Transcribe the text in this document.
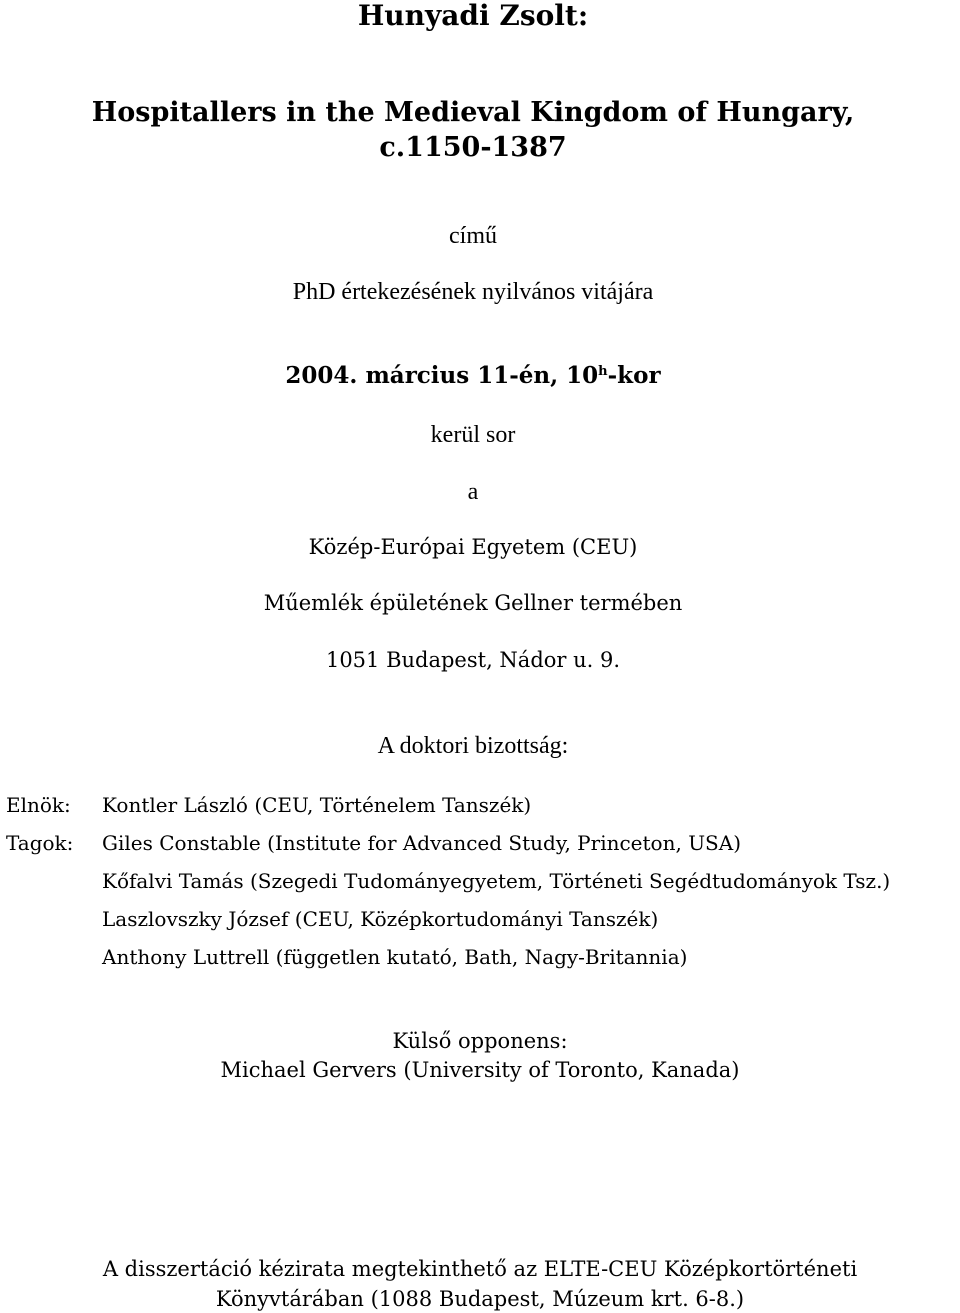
Hunyadi Zsolt:
Hospitallers in the Medieval Kingdom of Hungary,
c.1150-1387
című
PhD értekezésének nyilvános vitájára
2004. március 11-én, 10$^h$-kor
kerül sor
a
Közép-Európai Egyetem (CEU)
Műemlék épületének Gellner termében
1051 Budapest, Nádor u. 9.
A doktori bizottság:
Elnök:	Kontler László (CEU, Történelem Tanszék)
Tagok:	Giles Constable (Institute for Advanced Study, Princeton, USA)
Kőfalvi Tamás (Szegedi Tudományegyetem, Történeti Segédtudományok Tsz.)
Laszlovszky József (CEU, Középkortudományi Tanszék)
Anthony Luttrell (független kutató, Bath, Nagy-Britannia)
Külső opponens:
Michael Gervers (University of Toronto, Kanada)
A disszertáció kézirata megtekinthető az ELTE-CEU Középkortörténeti
Könyvtárában (1088 Budapest, Múzeum krt. 6-8.)
